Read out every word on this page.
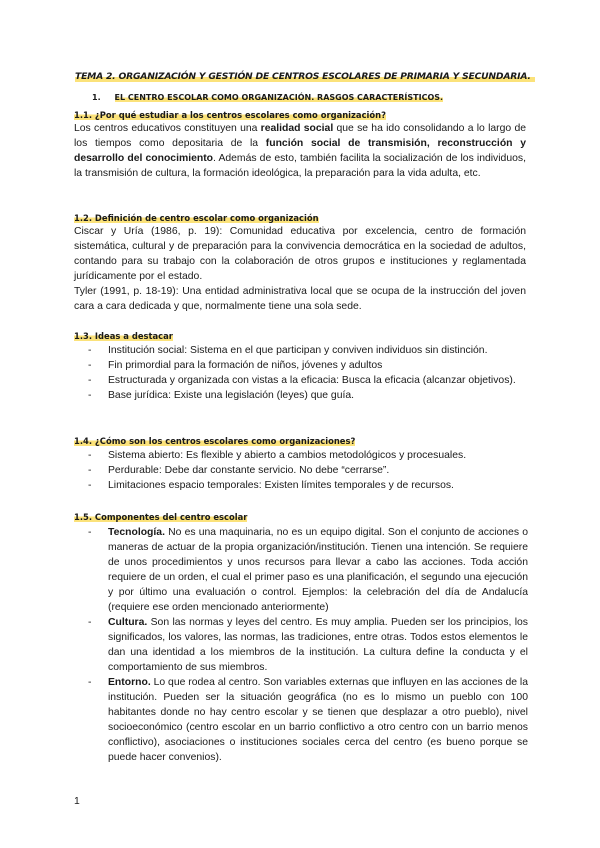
TEMA 2. ORGANIZACIÓN Y GESTIÓN DE CENTROS ESCOLARES DE PRIMARIA Y SECUNDARIA.
1. EL CENTRO ESCOLAR COMO ORGANIZACIÓN. RASGOS CARACTERÍSTICOS.
1.1. ¿Por qué estudiar a los centros escolares como organización?
Los centros educativos constituyen una realidad social que se ha ido consolidando a lo largo de los tiempos como depositaria de la función social de transmisión, reconstrucción y desarrollo del conocimiento. Además de esto, también facilita la socialización de los individuos, la transmisión de cultura, la formación ideológica, la preparación para la vida adulta, etc.
1.2. Definición de centro escolar como organización
Ciscar y Uría (1986, p. 19): Comunidad educativa por excelencia, centro de formación sistemática, cultural y de preparación para la convivencia democrática en la sociedad de adultos, contando para su trabajo con la colaboración de otros grupos e instituciones y reglamentada jurídicamente por el estado.
Tyler (1991, p. 18-19): Una entidad administrativa local que se ocupa de la instrucción del joven cara a cara dedicada y que, normalmente tiene una sola sede.
1.3. Ideas a destacar
- Institución social: Sistema en el que participan y conviven individuos sin distinción.
- Fin primordial para la formación de niños, jóvenes y adultos
- Estructurada y organizada con vistas a la eficacia: Busca la eficacia (alcanzar objetivos).
- Base jurídica: Existe una legislación (leyes) que guía.
1.4. ¿Cómo son los centros escolares como organizaciones?
- Sistema abierto: Es flexible y abierto a cambios metodológicos y procesuales.
- Perdurable: Debe dar constante servicio. No debe “cerrarse”.
- Limitaciones espacio temporales: Existen límites temporales y de recursos.
1.5. Componentes del centro escolar
- Tecnología. No es una maquinaria, no es un equipo digital. Son el conjunto de acciones o maneras de actuar de la propia organización/institución. Tienen una intención. Se requiere de unos procedimientos y unos recursos para llevar a cabo las acciones. Toda acción requiere de un orden, el cual el primer paso es una planificación, el segundo una ejecución y por último una evaluación o control. Ejemplos: la celebración del día de Andalucía (requiere ese orden mencionado anteriormente)
- Cultura. Son las normas y leyes del centro. Es muy amplia. Pueden ser los principios, los significados, los valores, las normas, las tradiciones, entre otras. Todos estos elementos le dan una identidad a los miembros de la institución. La cultura define la conducta y el comportamiento de sus miembros.
- Entorno. Lo que rodea al centro. Son variables externas que influyen en las acciones de la institución. Pueden ser la situación geográfica (no es lo mismo un pueblo con 100 habitantes donde no hay centro escolar y se tienen que desplazar a otro pueblo), nivel socioeconómico (centro escolar en un barrio conflictivo a otro centro con un barrio menos conflictivo), asociaciones o instituciones sociales cerca del centro (es bueno porque se puede hacer convenios).
1
